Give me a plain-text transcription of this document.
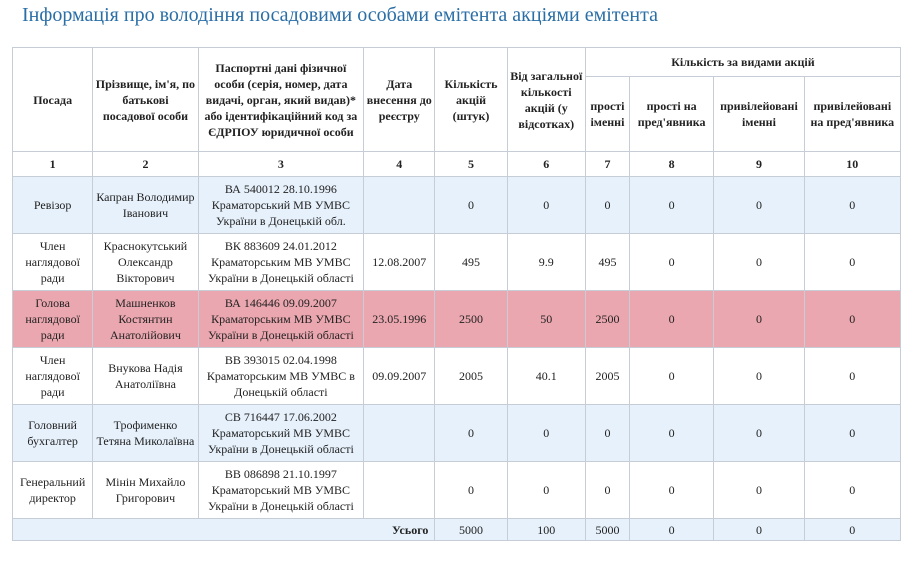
Інформація про володіння посадовими особами емітента акціями емітента
Посада	Прізвище, ім'я, по батькові посадової особи	Паспортні дані фізичної особи (серія, номер, дата видачі, орган, який видав)* або ідентифікаційний код за ЄДРПОУ юридичної особи	Дата внесення до реєстру	Кількість акцій (штук)	Від загальної кількості акцій (у відсотках)	Кількість за видами акцій			
						прості іменні	прості на пред'явника	привілейовані іменні	привілейовані на пред'явника
1	2	3	4	5	6	7	8	9	10
Ревізор	Капран Володимир Іванович	ВА 540012 28.10.1996 Краматорський МВ УМВС України в Донецькій обл.		0	0	0	0	0	0
Член наглядової ради	Краснокутський Олександр Вікторович	ВК 883609 24.01.2012 Краматорським МВ УМВС України в Донецькій області	12.08.2007	495	9.9	495	0	0	0
Голова наглядової ради	Машненков Костянтин Анатолійович	ВА 146446 09.09.2007 Краматорським МВ УМВС України в Донецькій області	23.05.1996	2500	50	2500	0	0	0
Член наглядової ради	Внукова Надія Анатоліївна	ВВ 393015 02.04.1998 Краматорським МВ УМВС в Донецькій області	09.09.2007	2005	40.1	2005	0	0	0
Головний бухгалтер	Трофименко Тетяна Миколаївна	СВ 716447 17.06.2002 Краматорський МВ УМВС України в Донецькій області		0	0	0	0	0	0
Генеральний директор	Мінін Михайло Григорович	ВВ 086898 21.10.1997 Краматорський МВ УМВС України в Донецькій області		0	0	0	0	0	0
Усього				5000	100	5000	0	0	0
